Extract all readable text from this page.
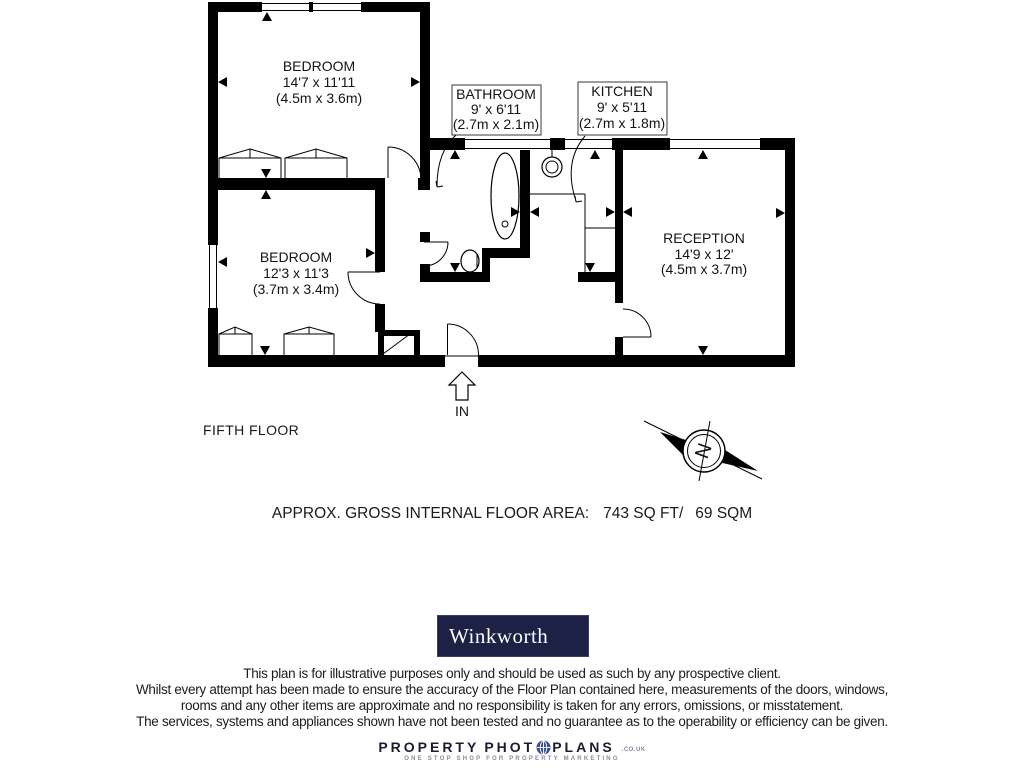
BEDROOM
14'7 x 11'11
(4.5m x 3.6m)
BEDROOM
12'3 x 11'3
(3.7m x 3.4m)
BATHROOM
9' x 6'11
(2.7m x 2.1m)
KITCHEN
9' x 5'11
(2.7m x 1.8m)
RECEPTION
14'9 x 12'
(4.5m x 3.7m)
IN
N
FIFTH FLOOR
APPROX. GROSS INTERNAL FLOOR AREA: 743 SQ FT/ 69 SQM
Winkworth
This plan is for illustrative purposes only and should be used as such by any prospective client.
Whilst every attempt has been made to ensure the accuracy of the Floor Plan contained here, measurements of the doors, windows,
rooms and any other items are approximate and no responsibility is taken for any errors, omissions, or misstatement.
The services, systems and appliances shown have not been tested and no guarantee as to the operability or efficiency can be given.
PROPERTY PHOT PLANS .CO.UK
ONE STOP SHOP FOR PROPERTY MARKETING
